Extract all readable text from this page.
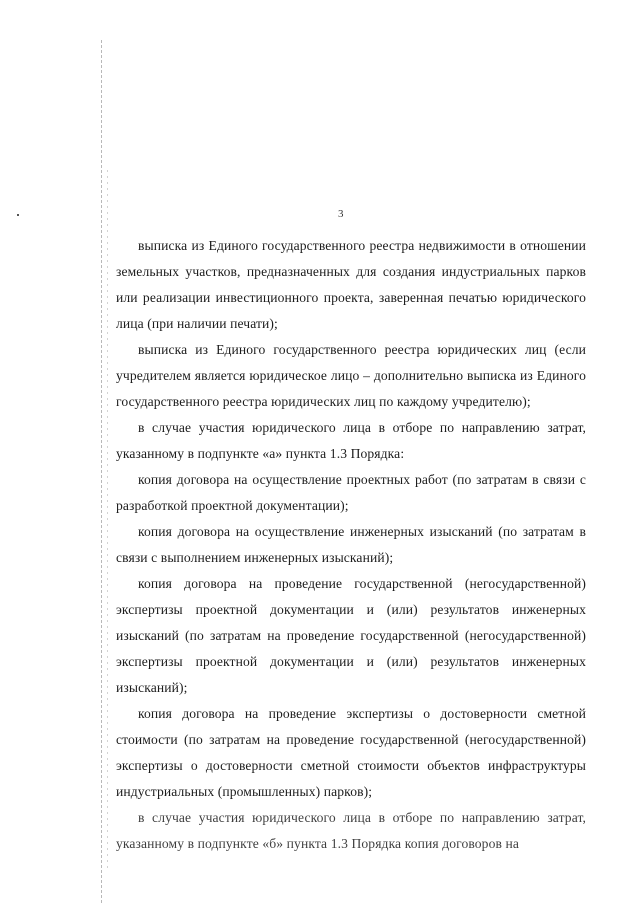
3

выписка из Единого государственного реестра недвижимости в отношении земельных участков, предназначенных для создания индустриальных парков или реализации инвестиционного проекта, заверенная печатью юридического лица (при наличии печати);

выписка из Единого государственного реестра юридических лиц (если учредителем является юридическое лицо – дополнительно выписка из Единого государственного реестра юридических лиц по каждому учредителю);

в случае участия юридического лица в отборе по направлению затрат, указанному в подпункте «а» пункта 1.3 Порядка:

копия договора на осуществление проектных работ (по затратам в связи с разработкой проектной документации);

копия договора на осуществление инженерных изысканий (по затратам в связи с выполнением инженерных изысканий);

копия договора на проведение государственной (негосударственной) экспертизы проектной документации и (или) результатов инженерных изысканий (по затратам на проведение государственной (негосударственной) экспертизы проектной документации и (или) результатов инженерных изысканий);

копия договора на проведение экспертизы о достоверности сметной стоимости (по затратам на проведение государственной (негосударственной) экспертизы о достоверности сметной стоимости объектов инфраструктуры индустриальных (промышленных) парков);

в случае участия юридического лица в отборе по направлению затрат, указанному в подпункте «б» пункта 1.3 Порядка копия договоров на
